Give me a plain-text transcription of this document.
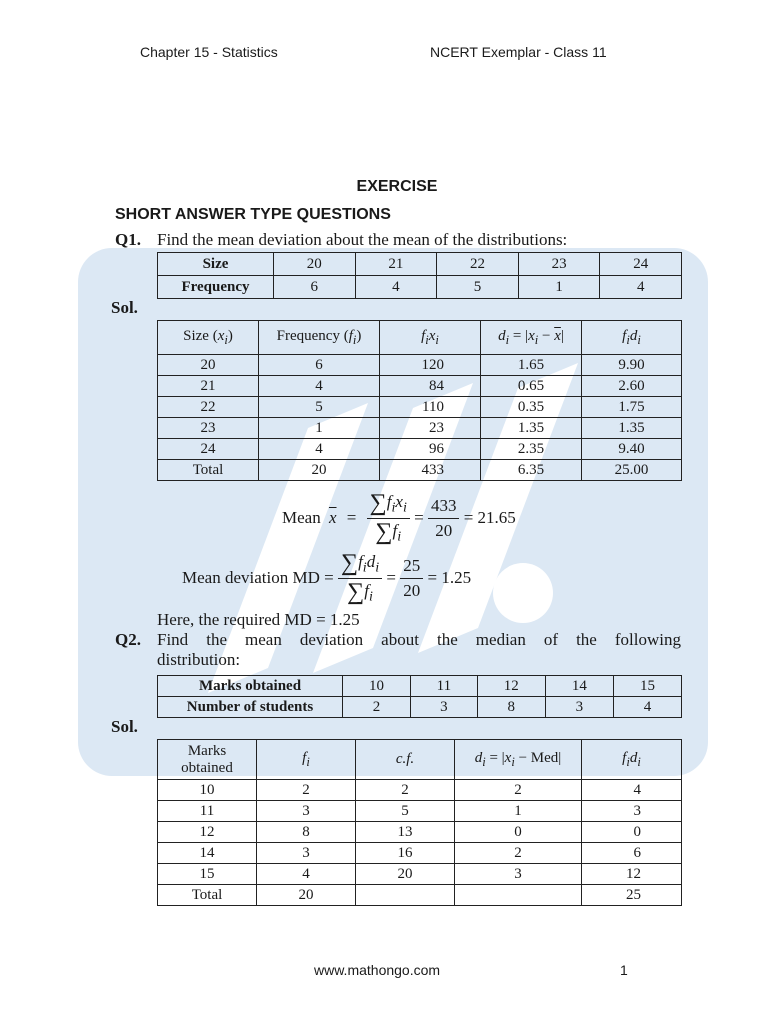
Chapter 15 - Statistics	NCERT Exemplar - Class 11
EXERCISE
SHORT ANSWER TYPE QUESTIONS
Q1. Find the mean deviation about the mean of the distributions:
Size	20	21	22	23	24
Frequency	6	4	5	1	4
Sol.
Size $(x_i)$	Frequency $(f_i)$	$f_ix_i$	$d_i = |x_i - \overline{x}|$	$f_id_i$
20	6	120	1.65	9.90
21	4	84	0.65	2.60
22	5	110	0.35	1.75
23	1	23	1.35	1.35
24	4	96	2.35	9.40
Total	20	433	6.35	25.00
Mean $\overline{x} = \frac{\sum f_ix_i}{\sum f_i} = \frac{433}{20} = 21.65$
Mean deviation MD = $\frac{\sum f_id_i}{\sum f_i} = \frac{25}{20} = 1.25$
Here, the required MD = 1.25
Q2. Find the mean deviation about the median of the following
distribution:
Marks obtained	10	11	12	14	15
Number of students	2	3	8	3	4
Sol.
Marks
obtained	$f_i$	c.f.	$d_i = |x_i - Med|$	$f_id_i$
10	2	2	2	4
11	3	5	1	3
12	8	13	0	0
14	3	16	2	6
15	4	20	3	12
Total	20			25
www.mathongo.com	1
